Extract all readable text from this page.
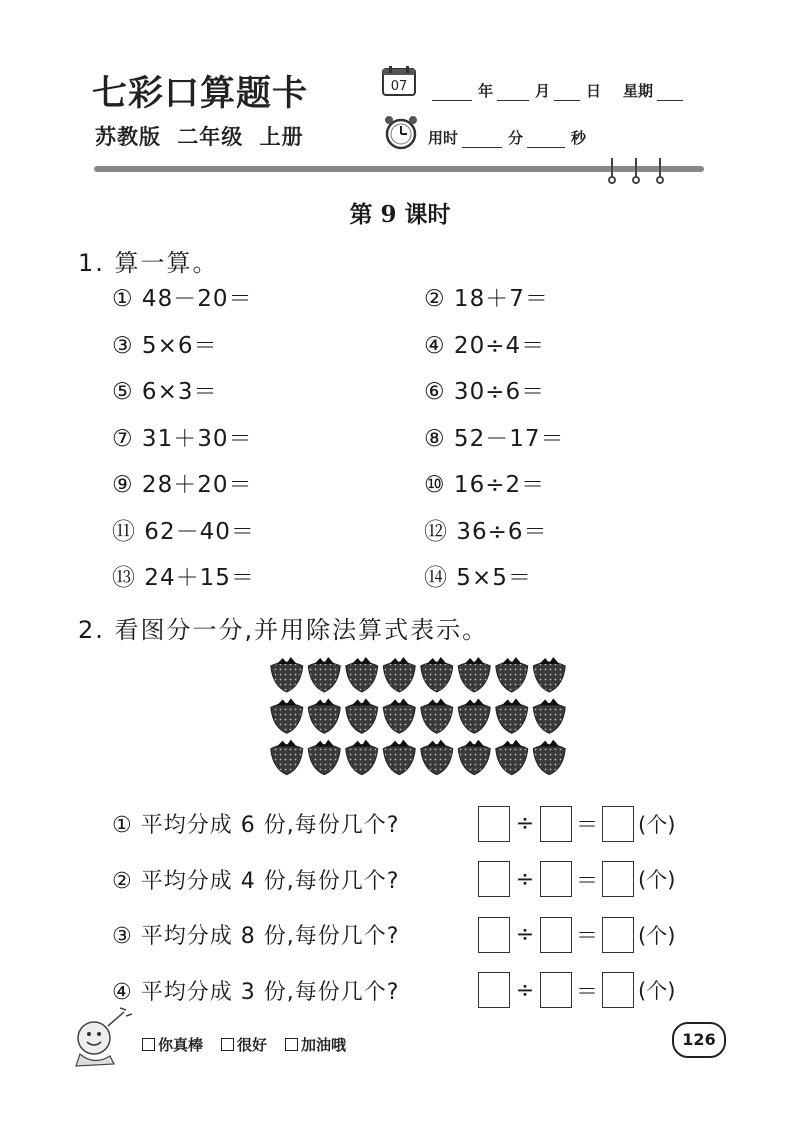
七彩口算题卡
苏教版 二年级 上册
07	年	月 日 星期
用时	分	秒
第 9 课时
1. 算一算。
① 48－20＝	② 18＋7＝
③ 5×6＝	④ 20÷4＝
⑤ 6×3＝	⑥ 30÷6＝
⑦ 31＋30＝	⑧ 52－17＝
⑨ 28＋20＝	⑩ 16÷2＝
⑪ 62－40＝	⑫ 36÷6＝
⑬ 24＋15＝	⑭ 5×5＝
2. 看图分一分,并用除法算式表示。
① 平均分成 6 份,每份几个?	÷ ＝ (个)
② 平均分成 4 份,每份几个?	÷ ＝ (个)
③ 平均分成 8 份,每份几个?	÷ ＝ (个)
④ 平均分成 3 份,每份几个?	÷ ＝ (个)
你真棒	很好	加油哦	126
